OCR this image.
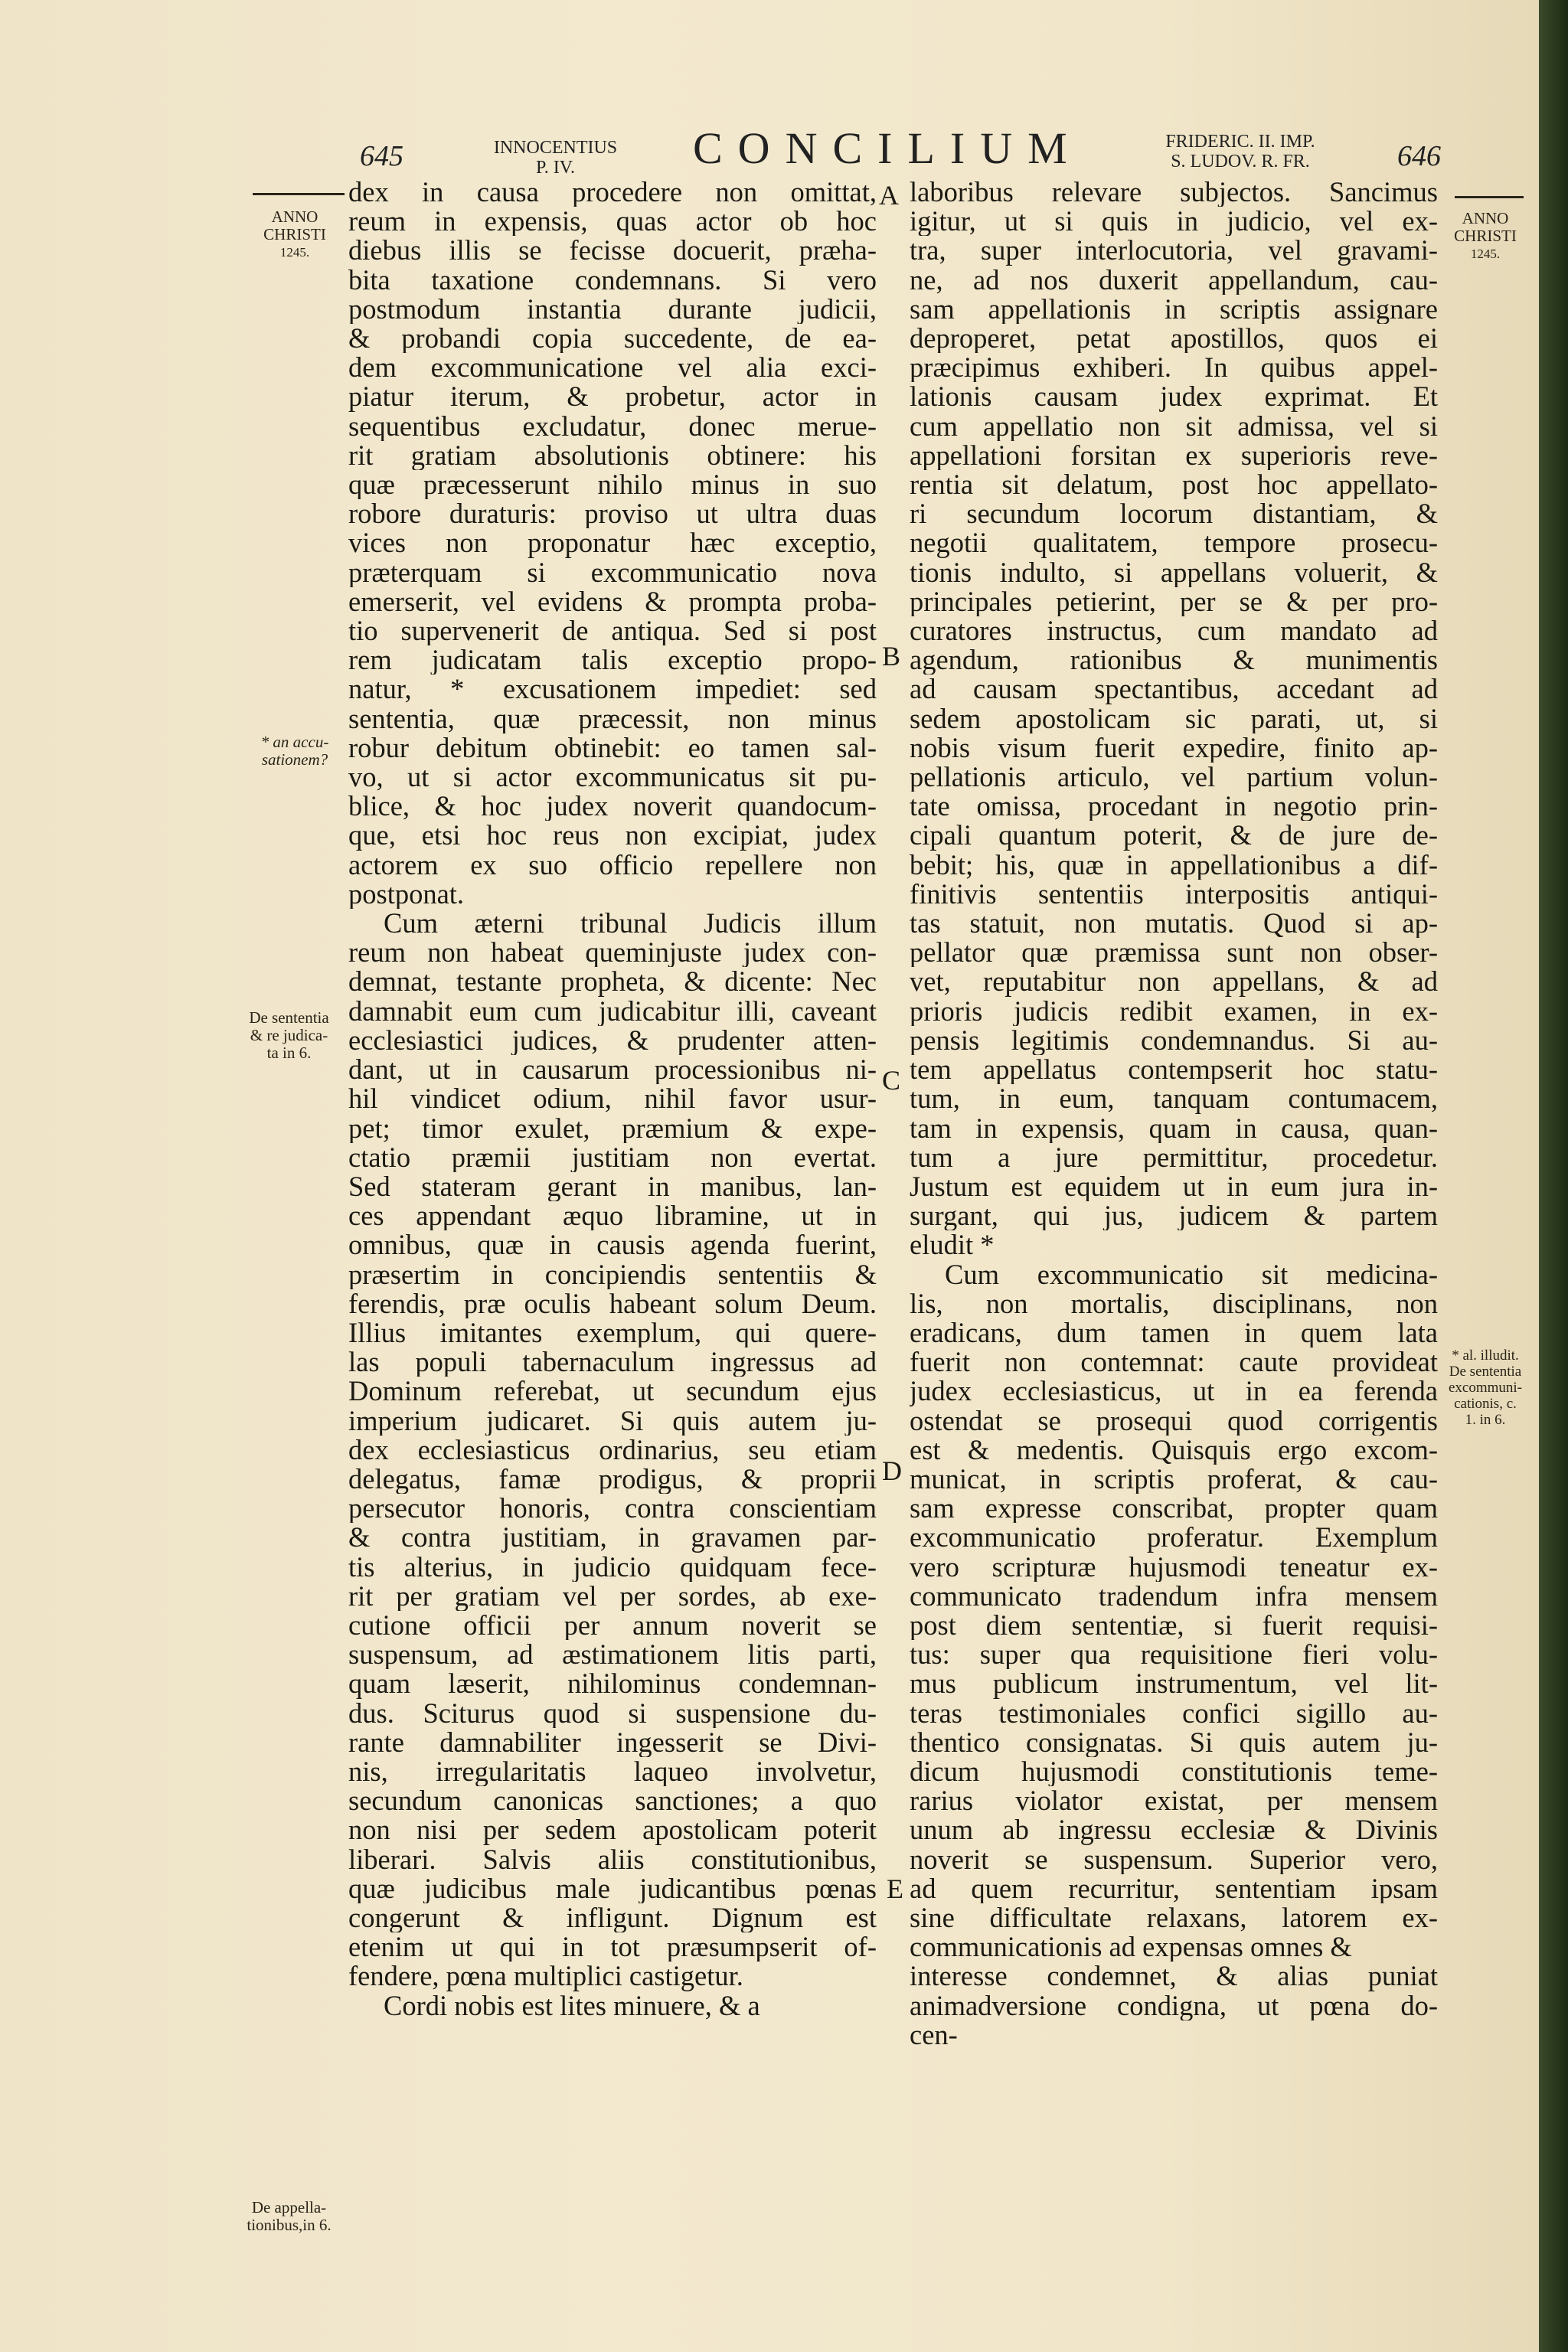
645	INNOCENTIUS
P. IV.	CONCILIUM	FRIDERIC. II. IMP.
S. LUDOV. R. FR.	646
ANNO
CHRISTI
1245.
* an accu-
sationem?
De sententia
& re judica-
ta in 6.
De appella-
tionibus,in 6.
ANNO
CHRISTI
1245.
* al. illudit.
De sententia
excommuni-
cationis, c.
1. in 6.
A
B
C
D
E
dex in causa procedere non omittat,
reum in expensis, quas actor ob hoc
diebus illis se fecisse docuerit, præha-
bita taxatione condemnans. Si vero
postmodum instantia durante judicii,
& probandi copia succedente, de ea-
dem excommunicatione vel alia exci-
piatur iterum, & probetur, actor in
sequentibus excludatur, donec merue-
rit gratiam absolutionis obtinere: his
quæ præcesserunt nihilo minus in suo
robore duraturis: proviso ut ultra duas
vices non proponatur hæc exceptio,
præterquam si excommunicatio nova
emerserit, vel evidens & prompta proba-
tio supervenerit de antiqua. Sed si post
rem judicatam talis exceptio propo-
natur, * excusationem impediet: sed
sententia, quæ præcessit, non minus
robur debitum obtinebit: eo tamen sal-
vo, ut si actor excommunicatus sit pu-
blice, & hoc judex noverit quandocum-
que, etsi hoc reus non excipiat, judex
actorem ex suo officio repellere non
postponat.
Cum æterni tribunal Judicis illum
reum non habeat queminjuste judex con-
demnat, testante propheta, & dicente: Nec
damnabit eum cum judicabitur illi, caveant
ecclesiastici judices, & prudenter atten-
dant, ut in causarum processionibus ni-
hil vindicet odium, nihil favor usur-
pet; timor exulet, præmium & expe-
ctatio præmii justitiam non evertat.
Sed stateram gerant in manibus, lan-
ces appendant æquo libramine, ut in
omnibus, quæ in causis agenda fuerint,
præsertim in concipiendis sententiis &
ferendis, præ oculis habeant solum Deum.
Illius imitantes exemplum, qui quere-
las populi tabernaculum ingressus ad
Dominum referebat, ut secundum ejus
imperium judicaret. Si quis autem ju-
dex ecclesiasticus ordinarius, seu etiam
delegatus, famæ prodigus, & proprii
persecutor honoris, contra conscientiam
& contra justitiam, in gravamen par-
tis alterius, in judicio quidquam fece-
rit per gratiam vel per sordes, ab exe-
cutione officii per annum noverit se
suspensum, ad æstimationem litis parti,
quam læserit, nihilominus condemnan-
dus. Sciturus quod si suspensione du-
rante damnabiliter ingesserit se Divi-
nis, irregularitatis laqueo involvetur,
secundum canonicas sanctiones; a quo
non nisi per sedem apostolicam poterit
liberari. Salvis aliis constitutionibus,
quæ judicibus male judicantibus pœnas
congerunt & infligunt. Dignum est
etenim ut qui in tot præsumpserit of-
fendere, pœna multiplici castigetur.
Cordi nobis est lites minuere, & a
laboribus relevare subjectos. Sancimus
igitur, ut si quis in judicio, vel ex-
tra, super interlocutoria, vel gravami-
ne, ad nos duxerit appellandum, cau-
sam appellationis in scriptis assignare
deproperet, petat apostillos, quos ei
præcipimus exhiberi. In quibus appel-
lationis causam judex exprimat. Et
cum appellatio non sit admissa, vel si
appellationi forsitan ex superioris reve-
rentia sit delatum, post hoc appellato-
ri secundum locorum distantiam, &
negotii qualitatem, tempore prosecu-
tionis indulto, si appellans voluerit, &
principales petierint, per se & per pro-
curatores instructus, cum mandato ad
agendum, rationibus & munimentis
ad causam spectantibus, accedant ad
sedem apostolicam sic parati, ut, si
nobis visum fuerit expedire, finito ap-
pellationis articulo, vel partium volun-
tate omissa, procedant in negotio prin-
cipali quantum poterit, & de jure de-
bebit; his, quæ in appellationibus a dif-
finitivis sententiis interpositis antiqui-
tas statuit, non mutatis. Quod si ap-
pellator quæ præmissa sunt non obser-
vet, reputabitur non appellans, & ad
prioris judicis redibit examen, in ex-
pensis legitimis condemnandus. Si au-
tem appellatus contempserit hoc statu-
tum, in eum, tanquam contumacem,
tam in expensis, quam in causa, quan-
tum a jure permittitur, procedetur.
Justum est equidem ut in eum jura in-
surgant, qui jus, judicem & partem
eludit *
Cum excommunicatio sit medicina-
lis, non mortalis, disciplinans, non
eradicans, dum tamen in quem lata
fuerit non contemnat: caute provideat
judex ecclesiasticus, ut in ea ferenda
ostendat se prosequi quod corrigentis
est & medentis. Quisquis ergo excom-
municat, in scriptis proferat, & cau-
sam expresse conscribat, propter quam
excommunicatio proferatur. Exemplum
vero scripturæ hujusmodi teneatur ex-
communicato tradendum infra mensem
post diem sententiæ, si fuerit requisi-
tus: super qua requisitione fieri volu-
mus publicum instrumentum, vel lit-
teras testimoniales confici sigillo au-
thentico consignatas. Si quis autem ju-
dicum hujusmodi constitutionis teme-
rarius violator existat, per mensem
unum ab ingressu ecclesiæ & Divinis
noverit se suspensum. Superior vero,
ad quem recurritur, sententiam ipsam
sine difficultate relaxans, latorem ex-
communicationis ad expensas omnes &
interesse condemnet, & alias puniat
animadversione condigna, ut pœna do-
cen-
